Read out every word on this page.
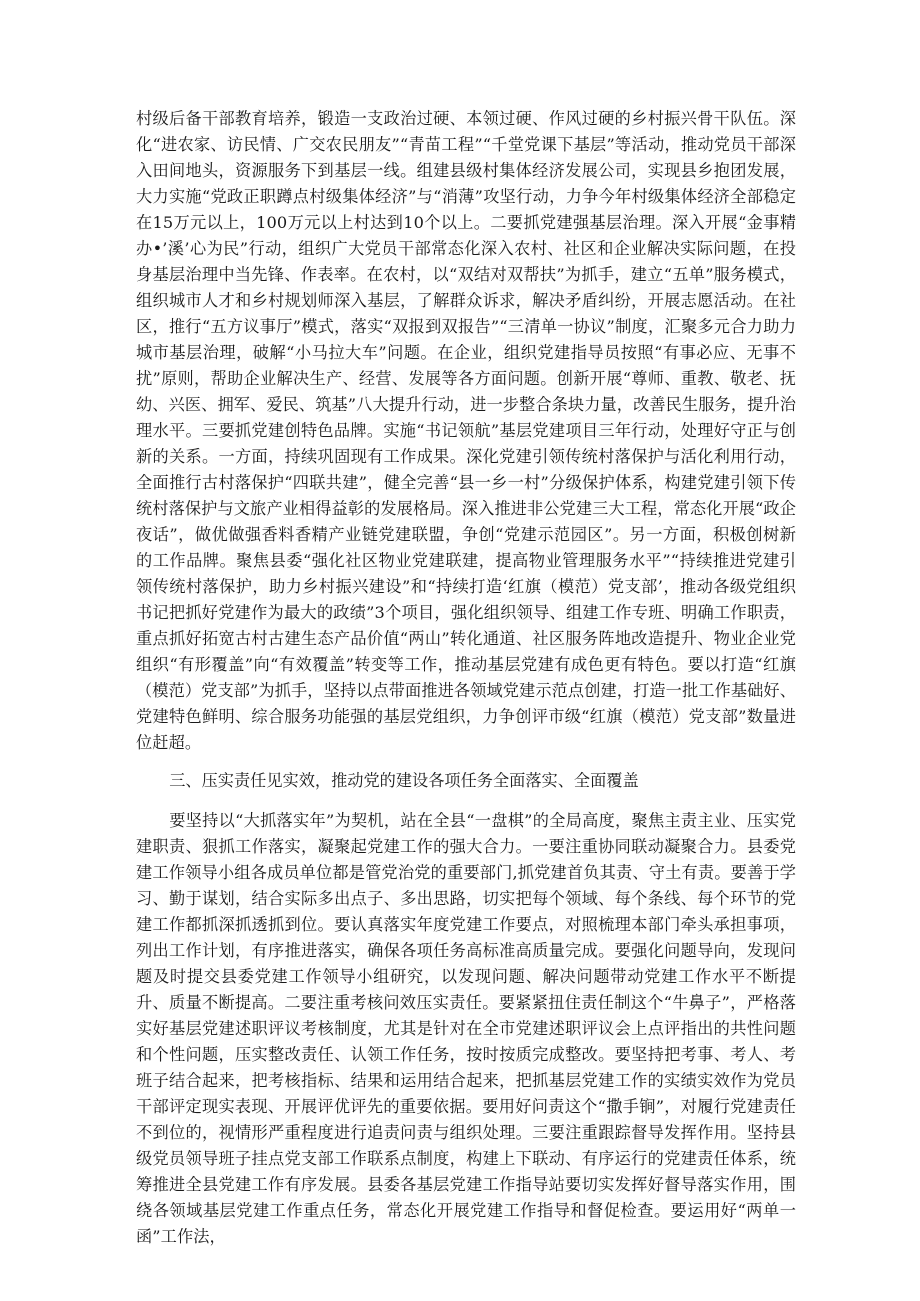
村级后备干部教育培养，锻造一支政治过硬、本领过硬、作风过硬的乡村振兴骨干队伍。深化“进农家、访民情、广交农民朋友”“青苗工程”“千堂党课下基层”等活动，推动党员干部深入田间地头，资源服务下到基层一线。组建县级村集体经济发展公司，实现县乡抱团发展，大力实施“党政正职蹲点村级集体经济”与“消薄”攻坚行动，力争今年村级集体经济全部稳定在15万元以上，100万元以上村达到10个以上。二要抓党建强基层治理。深入开展“金事精办•’溪’心为民”行动，组织广大党员干部常态化深入农村、社区和企业解决实际问题，在投身基层治理中当先锋、作表率。在农村，以“双结对双帮扶”为抓手，建立“五单”服务模式，组织城市人才和乡村规划师深入基层，了解群众诉求，解决矛盾纠纷，开展志愿活动。在社区，推行“五方议事厅”模式，落实“双报到双报告”“三清单一协议”制度，汇聚多元合力助力城市基层治理，破解“小马拉大车”问题。在企业，组织党建指导员按照“有事必应、无事不扰”原则，帮助企业解决生产、经营、发展等各方面问题。创新开展“尊师、重教、敬老、抚幼、兴医、拥军、爱民、筑基”八大提升行动，进一步整合条块力量，改善民生服务，提升治理水平。三要抓党建创特色品牌。实施“书记领航”基层党建项目三年行动，处理好守正与创新的关系。一方面，持续巩固现有工作成果。深化党建引领传统村落保护与活化利用行动，全面推行古村落保护“四联共建”，健全完善“县一乡一村”分级保护体系，构建党建引领下传统村落保护与文旅产业相得益彰的发展格局。深入推进非公党建三大工程，常态化开展“政企夜话”，做优做强香料香精产业链党建联盟，争创“党建示范园区”。另一方面，积极创树新的工作品牌。聚焦县委“强化社区物业党建联建，提高物业管理服务水平”“持续推进党建引领传统村落保护，助力乡村振兴建设”和“持续打造‘红旗（模范）党支部’，推动各级党组织书记把抓好党建作为最大的政绩”3个项目，强化组织领导、组建工作专班、明确工作职责，重点抓好拓宽古村古建生态产品价值“两山”转化通道、社区服务阵地改造提升、物业企业党组织“有形覆盖”向“有效覆盖”转变等工作，推动基层党建有成色更有特色。要以打造“红旗（模范）党支部”为抓手，坚持以点带面推进各领域党建示范点创建，打造一批工作基础好、党建特色鲜明、综合服务功能强的基层党组织，力争创评市级“红旗（模范）党支部”数量进位赶超。

三、压实责任见实效，推动党的建设各项任务全面落实、全面覆盖

要坚持以“大抓落实年”为契机，站在全县“一盘棋”的全局高度，聚焦主责主业、压实党建职责、狠抓工作落实，凝聚起党建工作的强大合力。一要注重协同联动凝聚合力。县委党建工作领导小组各成员单位都是管党治党的重要部门,抓党建首负其责、守土有责。要善于学习、勤于谋划，结合实际多出点子、多出思路，切实把每个领域、每个条线、每个环节的党建工作都抓深抓透抓到位。要认真落实年度党建工作要点，对照梳理本部门牵头承担事项，列出工作计划，有序推进落实，确保各项任务高标准高质量完成。要强化问题导向，发现问题及时提交县委党建工作领导小组研究，以发现问题、解决问题带动党建工作水平不断提升、质量不断提高。二要注重考核问效压实责任。要紧紧扭住责任制这个“牛鼻子”，严格落实好基层党建述职评议考核制度，尤其是针对在全市党建述职评议会上点评指出的共性问题和个性问题，压实整改责任、认领工作任务，按时按质完成整改。要坚持把考事、考人、考班子结合起来，把考核指标、结果和运用结合起来，把抓基层党建工作的实绩实效作为党员干部评定现实表现、开展评优评先的重要依据。要用好问责这个“撒手锏”，对履行党建责任不到位的，视情形严重程度进行追责问责与组织处理。三要注重跟踪督导发挥作用。坚持县级党员领导班子挂点党支部工作联系点制度，构建上下联动、有序运行的党建责任体系，统筹推进全县党建工作有序发展。县委各基层党建工作指导站要切实发挥好督导落实作用，围绕各领域基层党建工作重点任务，常态化开展党建工作指导和督促检查。要运用好“两单一函”工作法，
